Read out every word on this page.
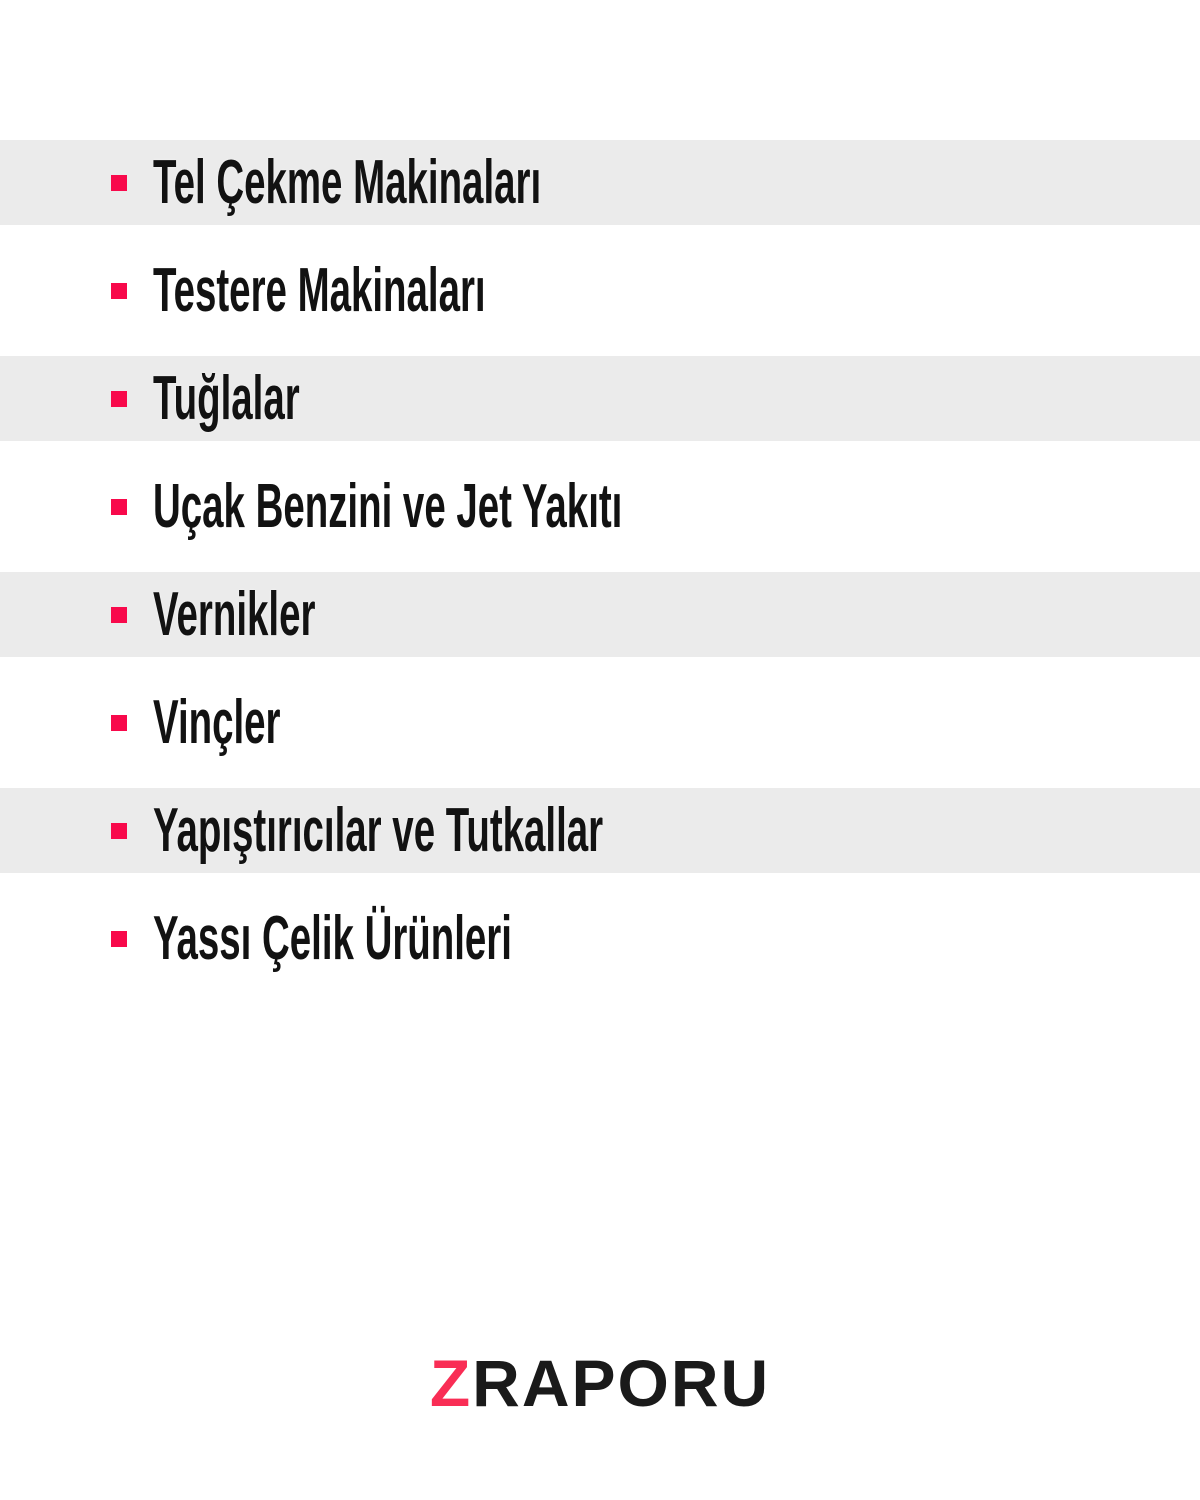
Tel Çekme Makinaları
Testere Makinaları
Tuğlalar
Uçak Benzini ve Jet Yakıtı
Vernikler
Vinçler
Yapıştırıcılar ve Tutkallar
Yassı Çelik Ürünleri
ZRAPORU
